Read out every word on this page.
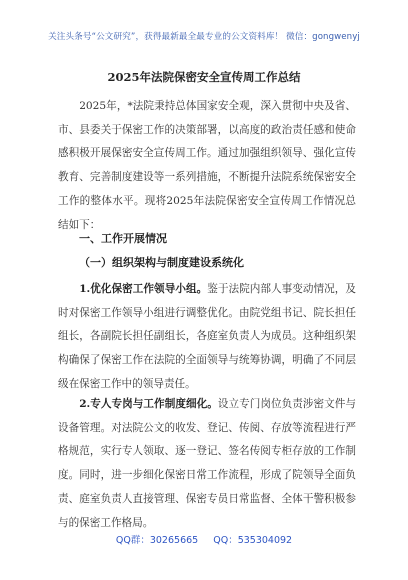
关注头条号“公文研究”，获得最新最全最专业的公文资料库！ 微信：gongwenyj
2025年法院保密安全宣传周工作总结
2025年，*法院秉持总体国家安全观，深入贯彻中央及省、市、县委关于保密工作的决策部署，以高度的政治责任感和使命感积极开展保密安全宣传周工作。通过加强组织领导、强化宣传教育、完善制度建设等一系列措施，不断提升法院系统保密安全工作的整体水平。现将2025年法院保密安全宣传周工作情况总结如下：
一、工作开展情况
（一）组织架构与制度建设系统化
1.优化保密工作领导小组。鉴于法院内部人事变动情况，及时对保密工作领导小组进行调整优化。由院党组书记、院长担任组长，各副院长担任副组长，各庭室负责人为成员。这种组织架构确保了保密工作在法院的全面领导与统筹协调，明确了不同层级在保密工作中的领导责任。
2.专人专岗与工作制度细化。设立专门岗位负责涉密文件与设备管理。对法院公文的收发、登记、传阅、存放等流程进行严格规范，实行专人领取、逐一登记、签名传阅专柜存放的工作制度。同时，进一步细化保密日常工作流程，形成了院领导全面负责、庭室负责人直接管理、保密专员日常监督、全体干警积极参与的保密工作格局。
QQ群：30265665 QQ：535304092
